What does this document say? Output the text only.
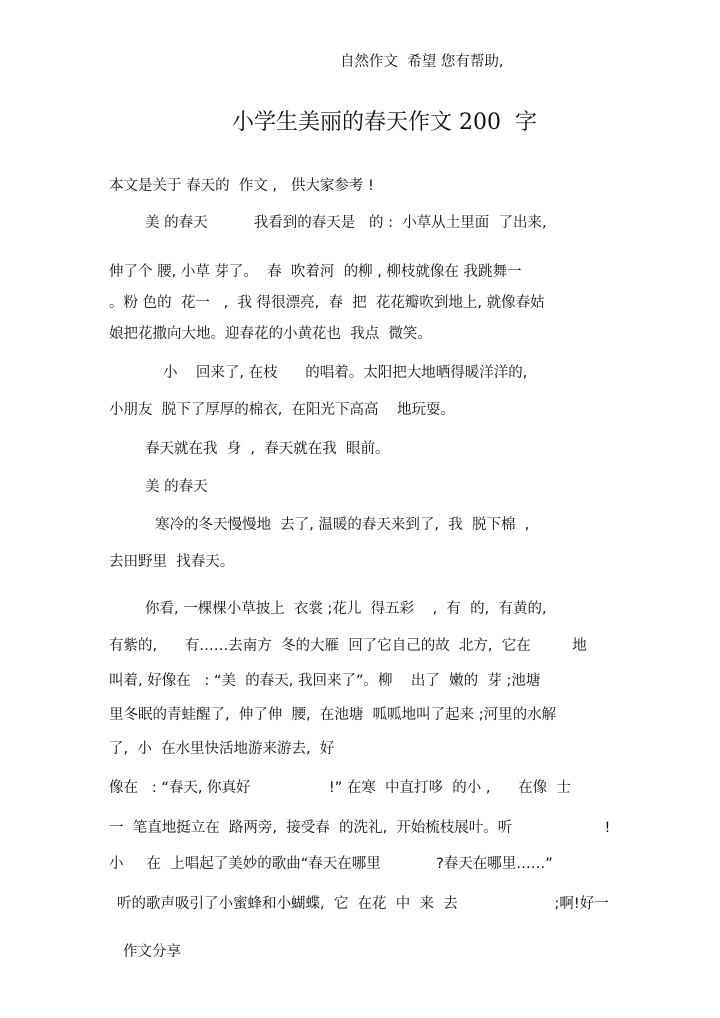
自然作文  希望 您有帮助,
小学生美丽的春天作文 200  字
本文是关于 春天的  作文 ,   供大家参考 !
美 的春天          我看到的春天是   的 :  小草从土里面  了出来,
伸了个 腰, 小草 芽了。  春  吹着河  的柳 , 柳枝就像在 我跳舞一
。粉 色的  花一   ,  我 得很漂亮,  春  把  花花瓣吹到地上, 就像春姑
娘把花撒向大地。迎春花的小黄花也  我点  微笑。
小    回来了, 在枝      的唱着。太阳把大地晒得暖洋洋的,
小朋友  脱下了厚厚的棉衣,  在阳光下高高    地玩耍。
春天就在我  身  ,  春天就在我  眼前。
美 的春天
寒冷的冬天慢慢地  去了, 温暖的春天来到了,  我  脱下棉  ,
去田野里  找春天。
你看, 一棵棵小草披上  衣裳 ;花儿  得五彩    ,  有  的,  有黄的,
有紫的,      有……去南方  冬的大雁  回了它自己的故  北方,  它在         地
叫着, 好像在   : “美  的春天, 我回来了”。柳    出了  嫩的  芽 ;池塘
里冬眠的青蛙醒了,  伸了伸  腰,  在池塘  呱呱地叫了起来 ;河里的水解
了,  小  在水里快活地游来游去,  好
像在   : “春天, 你真好                 !” 在寒  中直打哆  的小 ,      在像  士
一  笔直地挺立在  路两旁,  接受春  的洗礼,  开始梳枝展叶。听                    !
小     在  上唱起了美妙的歌曲“春天在哪里            ?春天在哪里……”
听的歌声吸引了小蜜蜂和小蝴蝶,  它  在花  中  来  去                     ;啊!好一
作文分享
